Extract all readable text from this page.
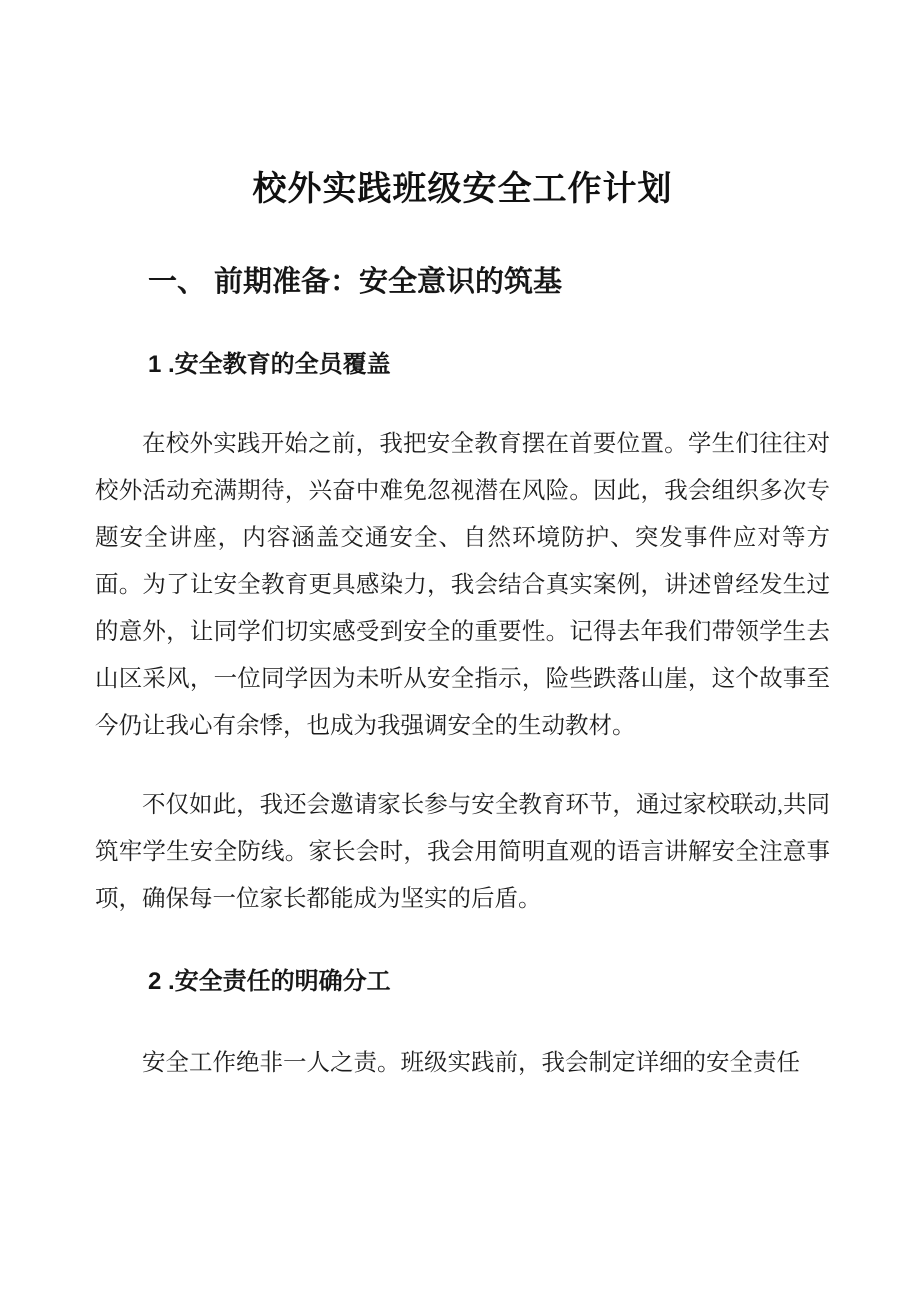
校外实践班级安全工作计划
一、 前期准备：安全意识的筑基
1 .安全教育的全员覆盖

在校外实践开始之前，我把安全教育摆在首要位置。学生们往往对校外活动充满期待，兴奋中难免忽视潜在风险。因此，我会组织多次专题安全讲座，内容涵盖交通安全、自然环境防护、突发事件应对等方面。为了让安全教育更具感染力，我会结合真实案例，讲述曾经发生过的意外，让同学们切实感受到安全的重要性。记得去年我们带领学生去山区采风，一位同学因为未听从安全指示，险些跌落山崖，这个故事至今仍让我心有余悸，也成为我强调安全的生动教材。

不仅如此，我还会邀请家长参与安全教育环节，通过家校联动,共同筑牢学生安全防线。家长会时，我会用简明直观的语言讲解安全注意事项，确保每一位家长都能成为坚实的后盾。

2 .安全责任的明确分工

安全工作绝非一人之责。班级实践前，我会制定详细的安全责任
